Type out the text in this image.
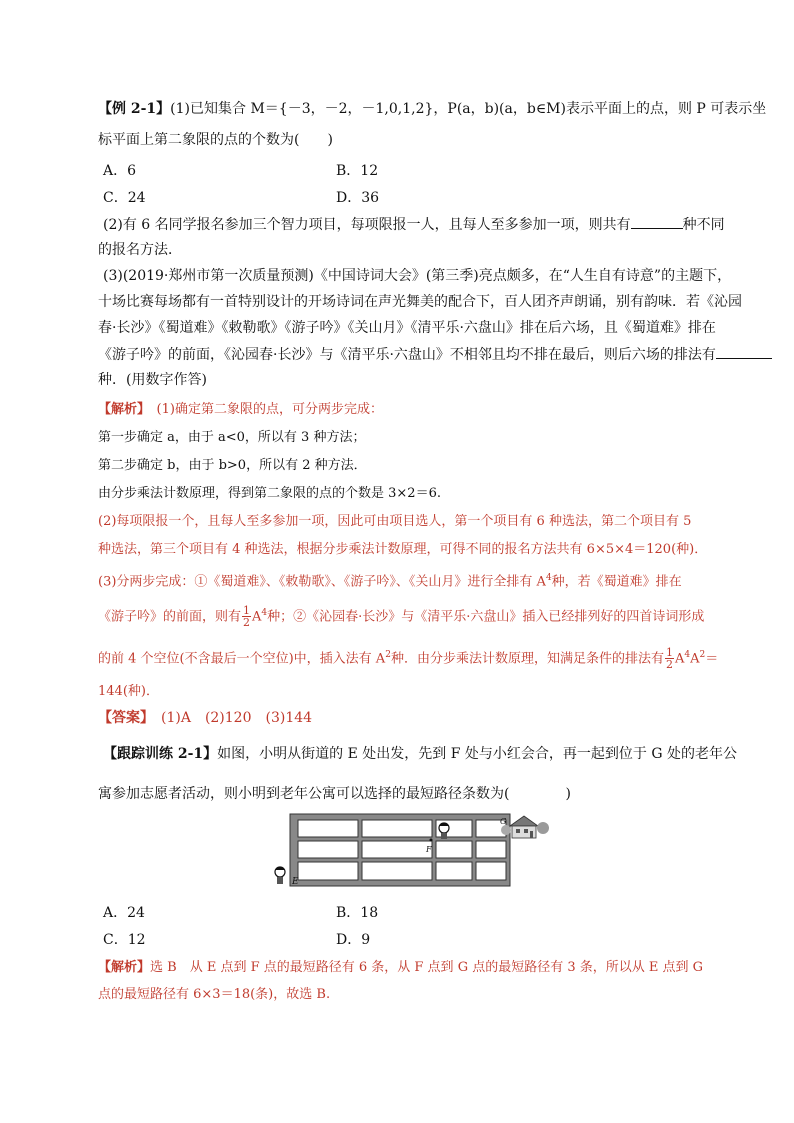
【例 2-1】(1)已知集合 M＝{－3，－2，－1,0,1,2}，P(a，b)(a，b∈M)表示平面上的点，则 P 可表示坐
标平面上第二象限的点的个数为(　　)
A．6	B．12
C．24	D．36
(2)有 6 名同学报名参加三个智力项目，每项限报一人，且每人至多参加一项，则共有	种不同
的报名方法．
(3)(2019·郑州市第一次质量预测)《中国诗词大会》(第三季)亮点颇多，在“人生自有诗意”的主题下，
十场比赛每场都有一首特别设计的开场诗词在声光舞美的配合下，百人团齐声朗诵，别有韵味．若《沁园
春·长沙》《蜀道难》《敕勒歌》《游子吟》《关山月》《清平乐·六盘山》排在后六场，且《蜀道难》排在
《游子吟》的前面，《沁园春·长沙》与《清平乐·六盘山》不相邻且均不排在最后，则后六场的排法有
种．(用数字作答)
【解析】　 (1)确定第二象限的点，可分两步完成：
第一步确定 a，由于 a<0，所以有 3 种方法；
第二步确定 b，由于 b>0，所以有 2 种方法．
由分步乘法计数原理，得到第二象限的点的个数是 3×2＝6.
(2)每项限报一个，且每人至多参加一项，因此可由项目选人，第一个项目有 6 种选法，第二个项目有 5
种选法，第三个项目有 4 种选法，根据分步乘法计数原理，可得不同的报名方法共有 6×5×4＝120(种)．
(3)分两步完成：①《蜀道难》、《敕勒歌》、《游子吟》、《关山月》进行全排有 $A^4$种，若《蜀道难》排在
《游子吟》的前面，则有 $\frac{1}{2} A^4$种；②《沁园春·长沙》与《清平乐·六盘山》插入已经排列好的四首诗词形成
的前 4 个空位(不含最后一个空位)中，插入法有 $A^2$种．由分步乘法计数原理，知满足条件的排法有 $\frac{1}{2} A^4A^2=$
144(种)．
【答案】　 (1)A　(2)120　(3)144
【跟踪训练 2-1】如图，小明从街道的 E 处出发，先到 F 处与小红会合，再一起到位于 G 处的老年公
寓参加志愿者活动，则小明到老年公寓可以选择的最短路径条数为(　　　　)
E
F
G
A．24	B．18
C．12	D．9
【解析】选 B　从 E 点到 F 点的最短路径有 6 条，从 F 点到 G 点的最短路径有 3 条，所以从 E 点到 G
点的最短路径有 6×3＝18(条)，故选 B.
